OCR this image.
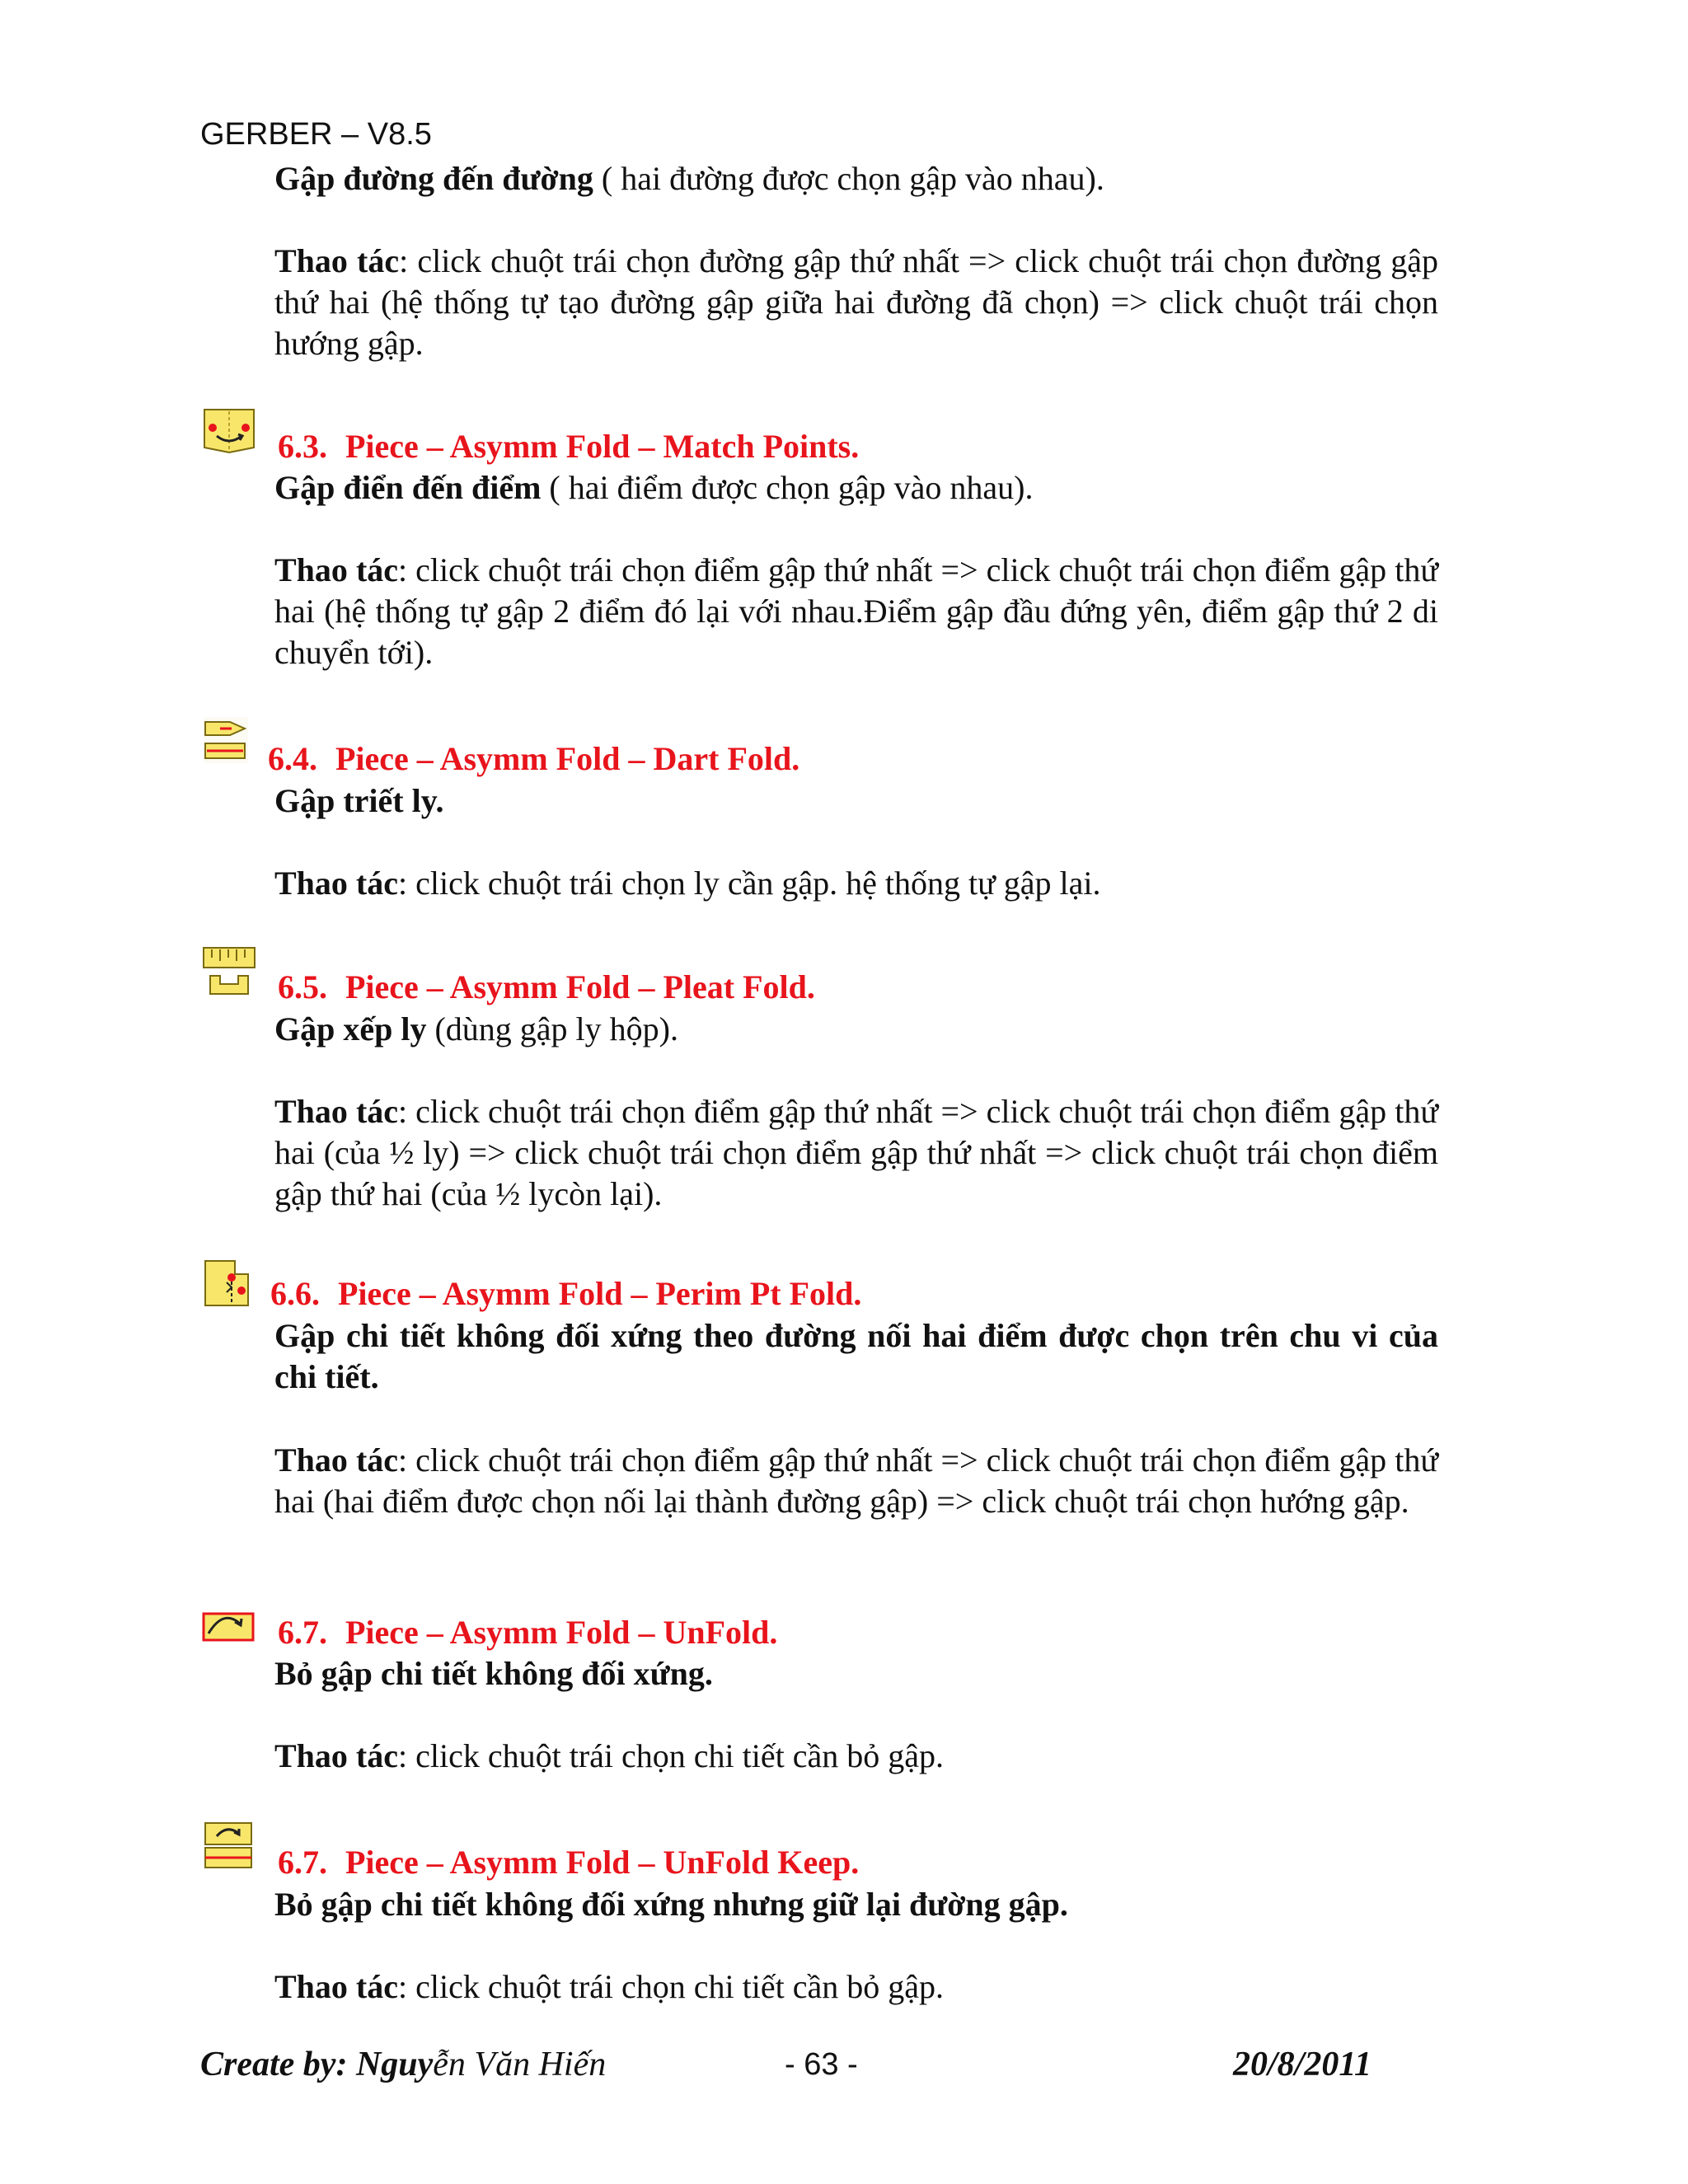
GERBER – V8.5
Gập đường đến đường ( hai đường được chọn gập vào nhau).
Thao tác: click chuột trái chọn đường gập thứ nhất => click chuột trái chọn đường gập thứ hai (hệ thống tự tạo đường gập giữa hai đường đã chọn) => click chuột trái chọn hướng gập.
6.3. Piece – Asymm Fold – Match Points.
Gập điển đến điểm ( hai điểm được chọn gập vào nhau).
Thao tác: click chuột trái chọn điểm gập thứ nhất => click chuột trái chọn điểm gập thứ hai (hệ thống tự gập 2 điểm đó lại với nhau.Điểm gập đầu đứng yên, điểm gập thứ 2 di chuyển tới).
6.4. Piece – Asymm Fold – Dart Fold.
Gập triết ly.
Thao tác: click chuột trái chọn ly cần gập. hệ thống tự gập lại.
6.5. Piece – Asymm Fold – Pleat Fold.
Gập xếp ly (dùng gập ly hộp).
Thao tác: click chuột trái chọn điểm gập thứ nhất => click chuột trái chọn điểm gập thứ hai (của ½ ly) => click chuột trái chọn điểm gập thứ nhất => click chuột trái chọn điểm gập thứ hai (của ½ lycòn lại).
6.6. Piece – Asymm Fold – Perim Pt Fold.
Gập chi tiết không đối xứng theo đường nối hai điểm được chọn trên chu vi của chi tiết.
Thao tác: click chuột trái chọn điểm gập thứ nhất => click chuột trái chọn điểm gập thứ hai (hai điểm được chọn nối lại thành đường gập) => click chuột trái chọn hướng gập.
6.7. Piece – Asymm Fold – UnFold.
Bỏ gập chi tiết không đối xứng.
Thao tác: click chuột trái chọn chi tiết cần bỏ gập.
6.7. Piece – Asymm Fold – UnFold Keep.
Bỏ gập chi tiết không đối xứng nhưng giữ lại đường gập.
Thao tác: click chuột trái chọn chi tiết cần bỏ gập.
Create by: Nguyễn Văn Hiến	- 63 -	20/8/2011
